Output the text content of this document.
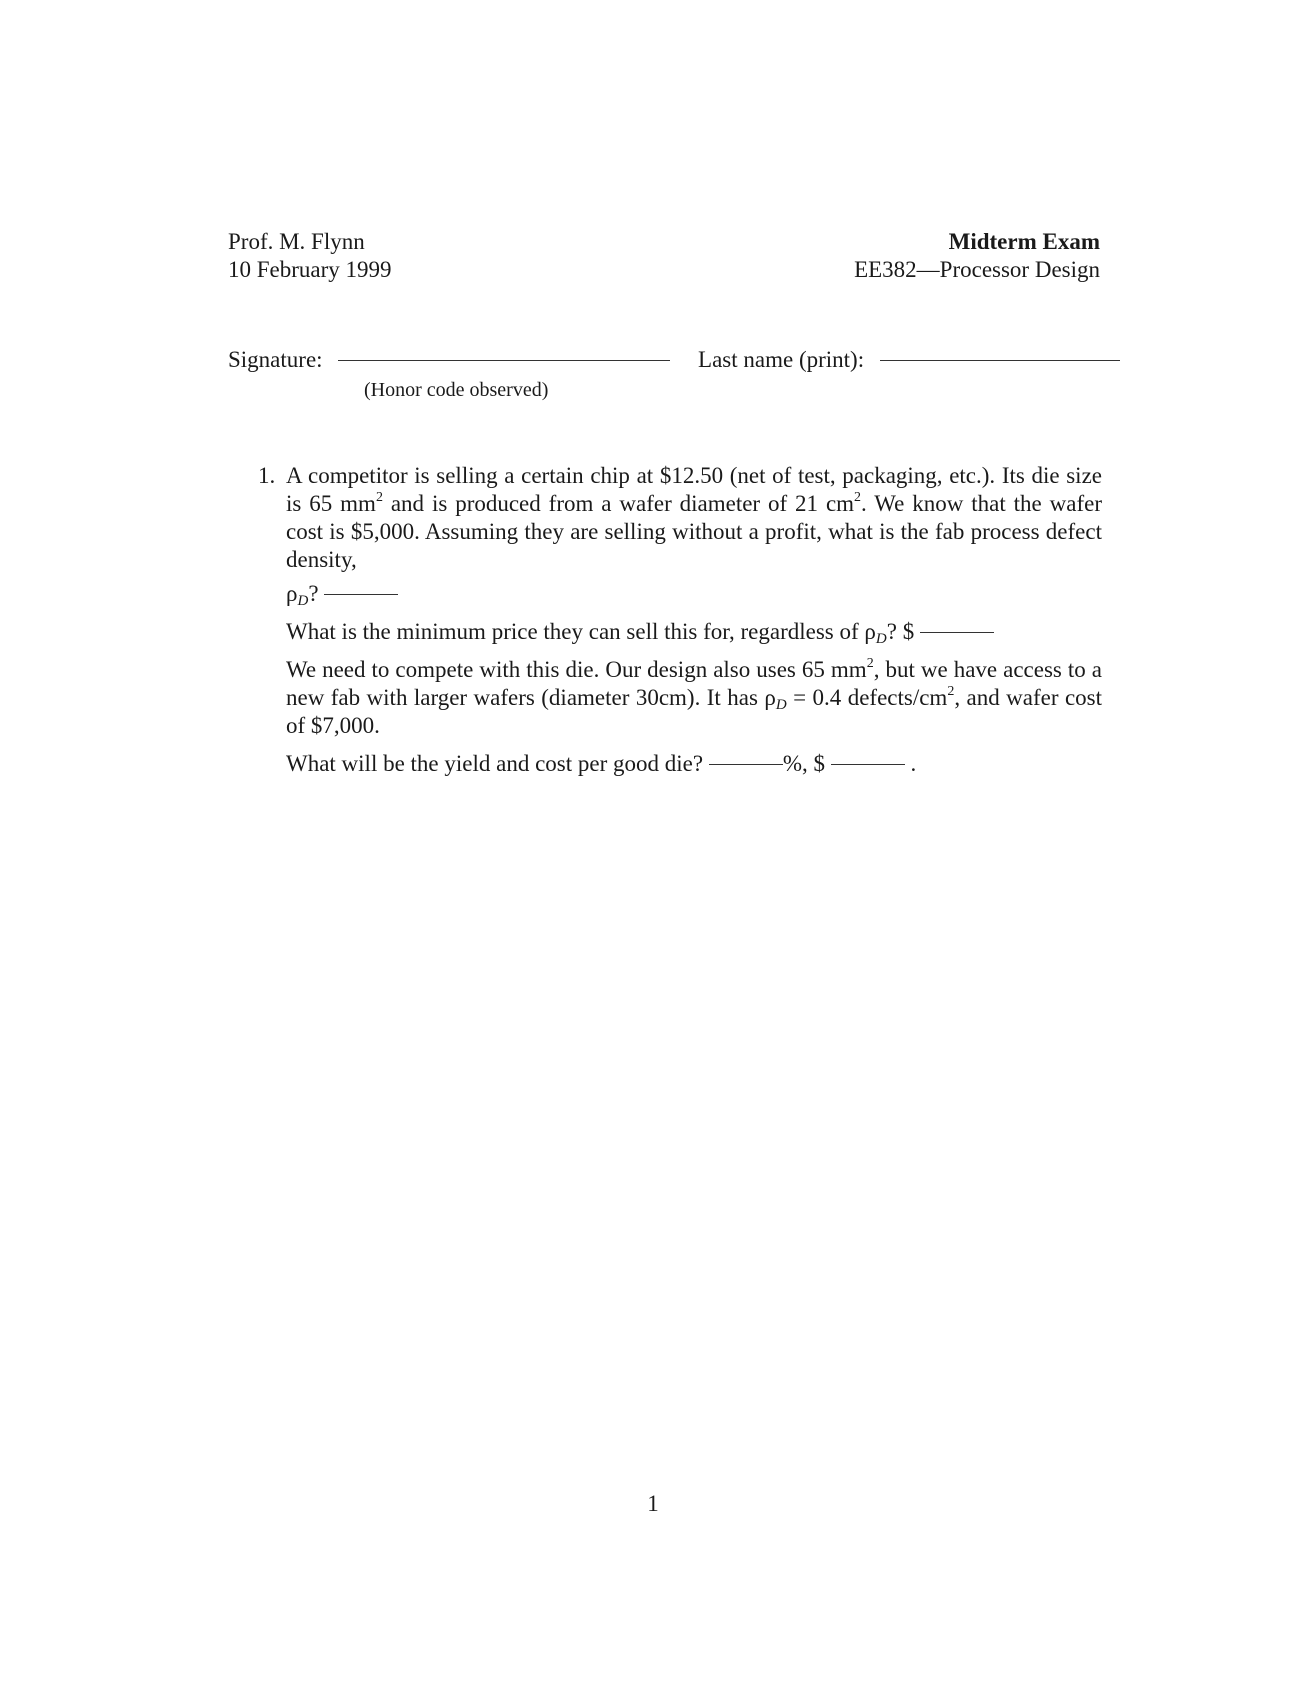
Prof. M. Flynn
10 February 1999
Midterm Exam
EE382—Processor Design
Signature:	Last name (print):
(Honor code observed)
1. A competitor is selling a certain chip at $12.50 (net of test, packaging, etc.). Its die size is 65 $mm^2$ and is produced from a wafer diameter of 21 $cm^2$. We know that the wafer cost is $5,000. Assuming they are selling without a profit, what is the fab process defect density,

$\rho_D$?

What is the minimum price they can sell this for, regardless of $\rho_D$? $

We need to compete with this die. Our design also uses 65 $mm^2$, but we have access to a new fab with larger wafers (diameter 30cm). It has $\rho_D = 0.4$ defects/$cm^2$, and wafer cost of $7,000.

What will be the yield and cost per good die?	%, $	.

1
